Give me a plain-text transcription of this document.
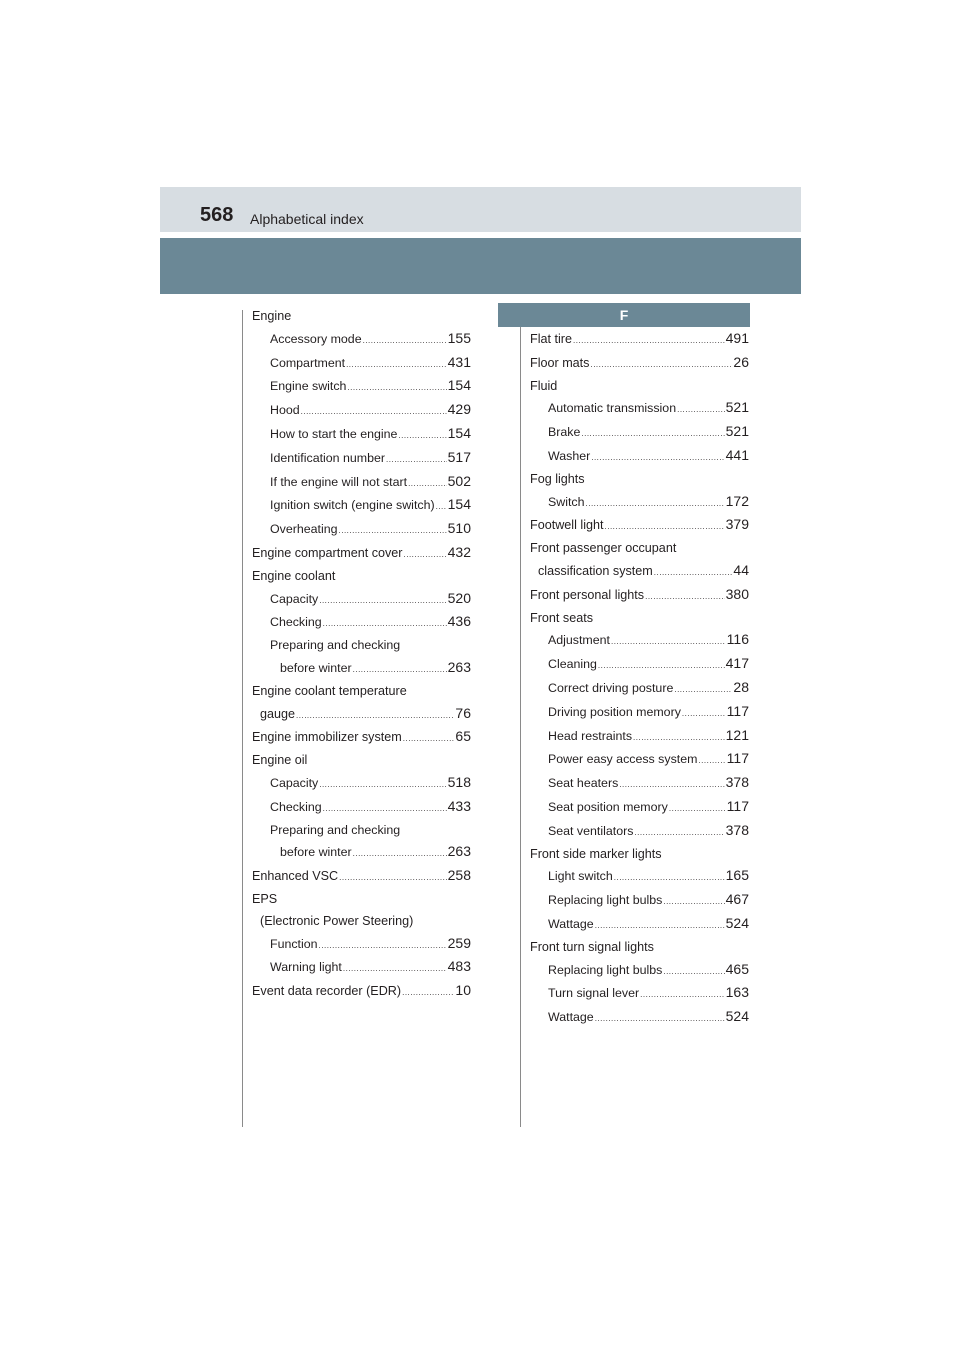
568 Alphabetical index
F
Engine
Accessory mode .....	155
Compartment .....	431
Engine switch .....	154
Hood .....	429
How to start the engine .....	154
Identification number .....	517
If the engine will not start .....	502
Ignition switch (engine switch) ..... 154
Overheating .....	510
Engine compartment cover .....	432
Engine coolant
Capacity .....	520
Checking .....	436
Preparing and checking
before winter .....	263
Engine coolant temperature
gauge .....	76
Engine immobilizer system .....	65
Engine oil
Capacity .....	518
Checking .....	433
Preparing and checking
before winter .....	263
Enhanced VSC .....	258
EPS
(Electronic Power Steering)
Function .....	259
Warning light .....	483
Event data recorder (EDR) .....	10
Flat tire .....	491
Floor mats .....	26
Fluid
Automatic transmission .....	521
Brake .....	521
Washer .....	441
Fog lights
Switch .....	172
Footwell light .....	379
Front passenger occupant
classification system .....	44
Front personal lights .....	380
Front seats
Adjustment .....	116
Cleaning .....	417
Correct driving posture .....	28
Driving position memory .....	117
Head restraints .....	121
Power easy access system ..... 117
Seat heaters .....	378
Seat position memory .....	117
Seat ventilators .....	378
Front side marker lights
Light switch .....	165
Replacing light bulbs .....	467
Wattage .....	524
Front turn signal lights
Replacing light bulbs .....	465
Turn signal lever .....	163
Wattage .....	524
